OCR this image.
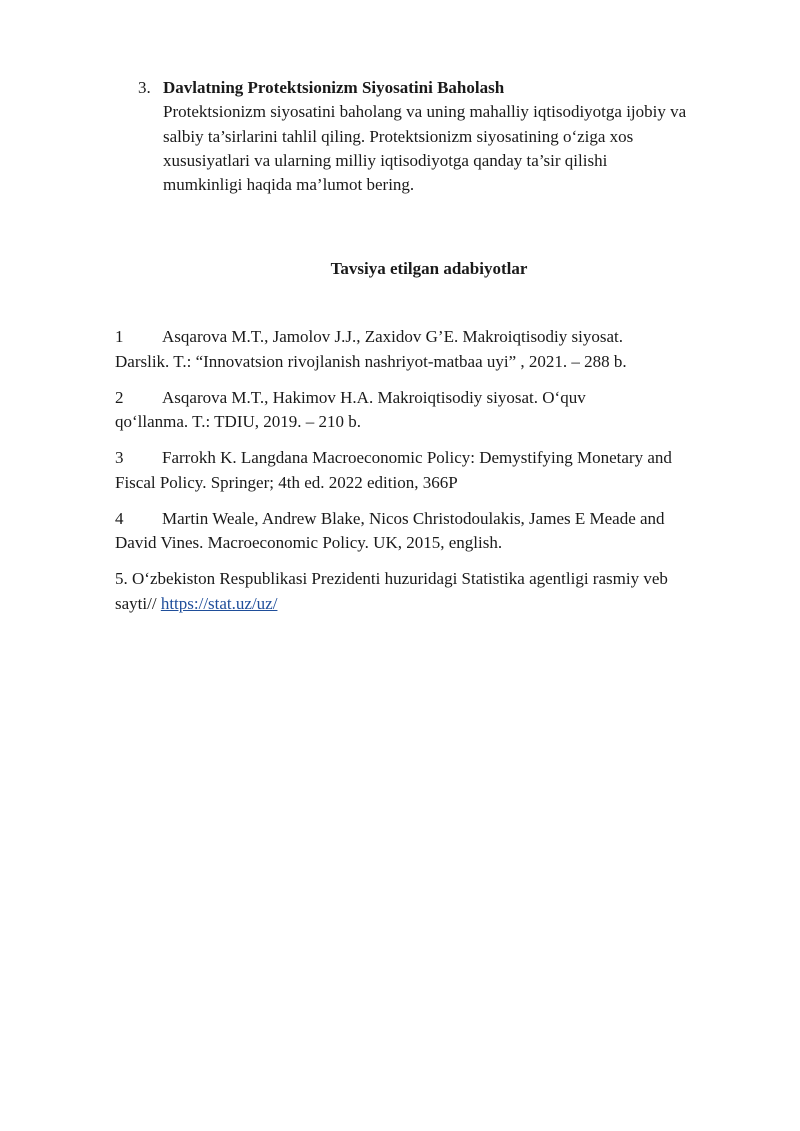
3. Davlatning Protektsionizm Siyosatini Baholash
Protektsionizm siyosatini baholang va uning mahalliy iqtisodiyotga ijobiy va
salbiy ta’sirlarini tahlil qiling. Protektsionizm siyosatining o‘ziga xos
xususiyatlari va ularning milliy iqtisodiyotga qanday ta’sir qilishi
mumkinligi haqida ma’lumot bering.
Tavsiya etilgan adabiyotlar
1 Asqarova M.T., Jamolov J.J., Zaxidov G’E. Makroiqtisodiy siyosat.
Darslik. T.: “Innovatsion rivojlanish nashriyot-matbaa uyi” , 2021. – 288 b.
2 Asqarova M.T., Hakimov H.A. Makroiqtisodiy siyosat. O‘quv
qo‘llanma. T.: TDIU, 2019. – 210 b.
3 Farrokh K. Langdana Macroeconomic Policy: Demystifying Monetary and
Fiscal Policy. Springer; 4th ed. 2022 edition, 366P
4 Martin Weale, Andrew Blake, Nicos Christodoulakis, James E Meade and
David Vines. Macroeconomic Policy. UK, 2015, english.
5. O‘zbekiston Respublikasi Prezidenti huzuridagi Statistika agentligi rasmiy veb
sayti// https://stat.uz/uz/
